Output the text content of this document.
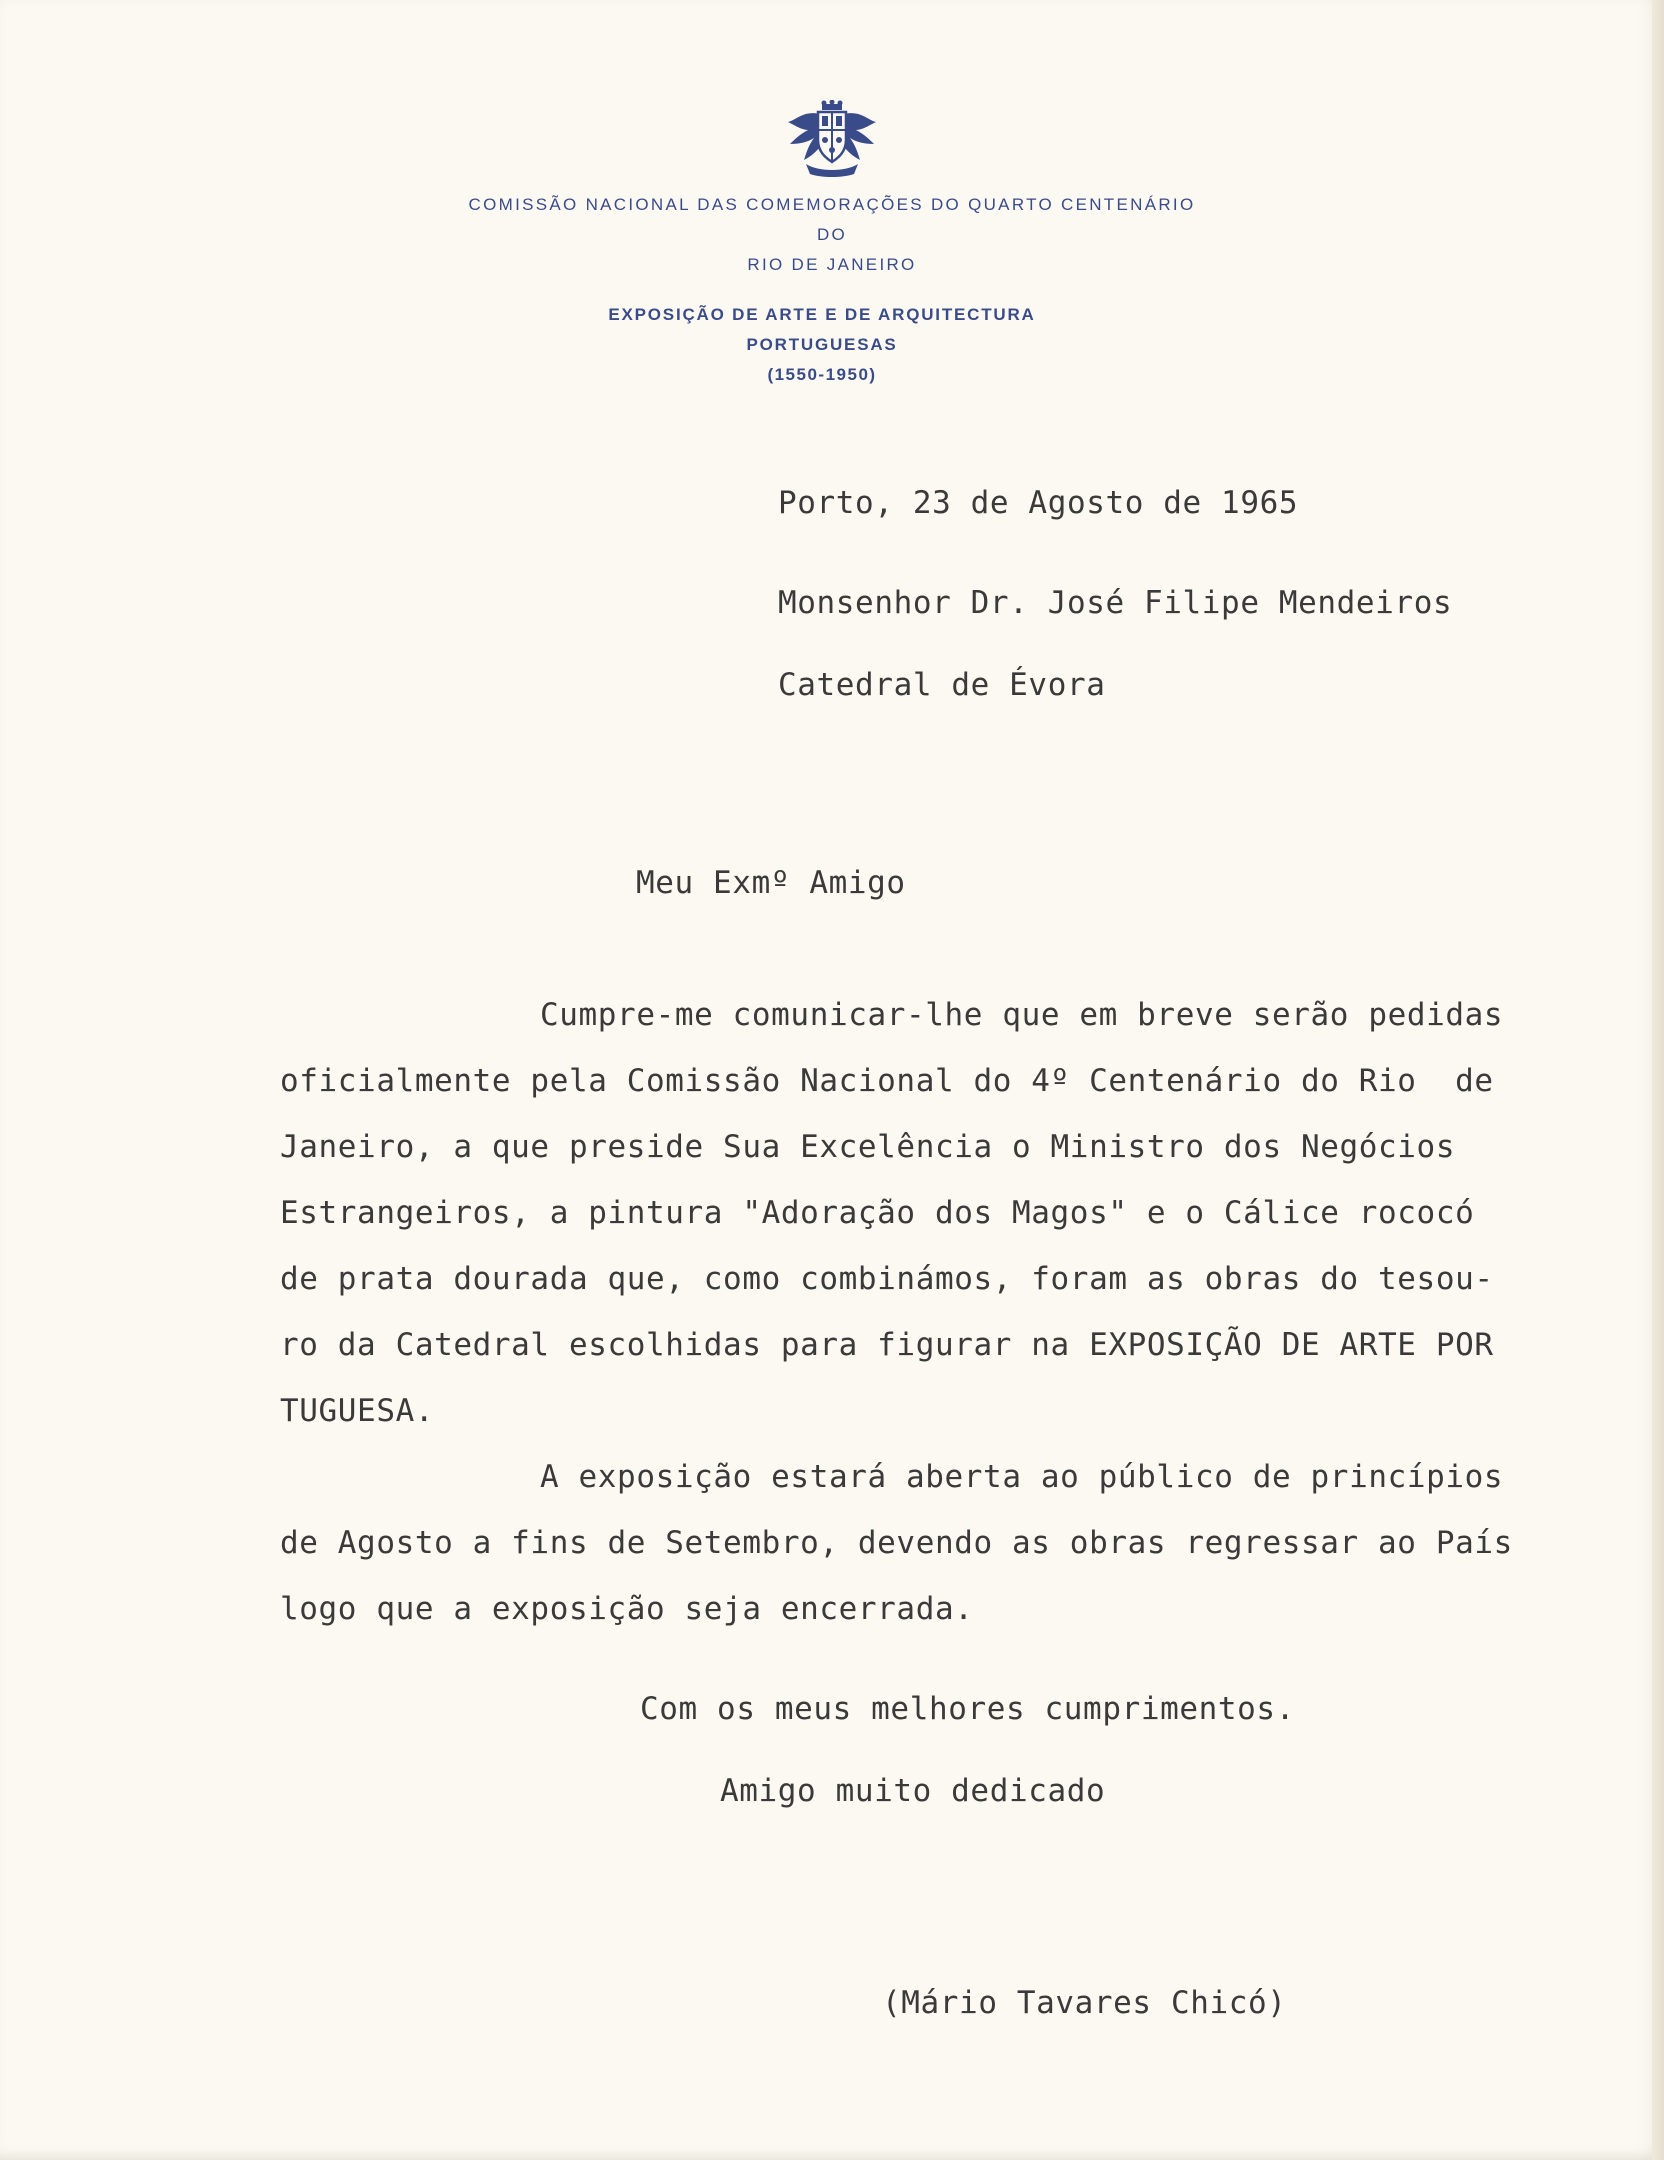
COMISSÃO NACIONAL DAS COMEMORAÇÕES DO QUARTO CENTENÁRIO
DO
RIO DE JANEIRO
EXPOSIÇÃO DE ARTE E DE ARQUITECTURA
PORTUGUESAS
(1550-1950)
Porto, 23 de Agosto de 1965
Monsenhor Dr. José Filipe Mendeiros
Catedral de Évora
Meu Exmº Amigo
Cumpre-me comunicar-lhe que em breve serão pedidas
oficialmente pela Comissão Nacional do 4º Centenário do Rio  de
Janeiro, a que preside Sua Excelência o Ministro dos Negócios
Estrangeiros, a pintura "Adoração dos Magos" e o Cálice rococó
de prata dourada que, como combinámos, foram as obras do tesou-
ro da Catedral escolhidas para figurar na EXPOSIÇÃO DE ARTE POR
TUGUESA.
A exposição estará aberta ao público de princípios
de Agosto a fins de Setembro, devendo as obras regressar ao País
logo que a exposição seja encerrada.
Com os meus melhores cumprimentos.
Amigo muito dedicado
(Mário Tavares Chicó)
